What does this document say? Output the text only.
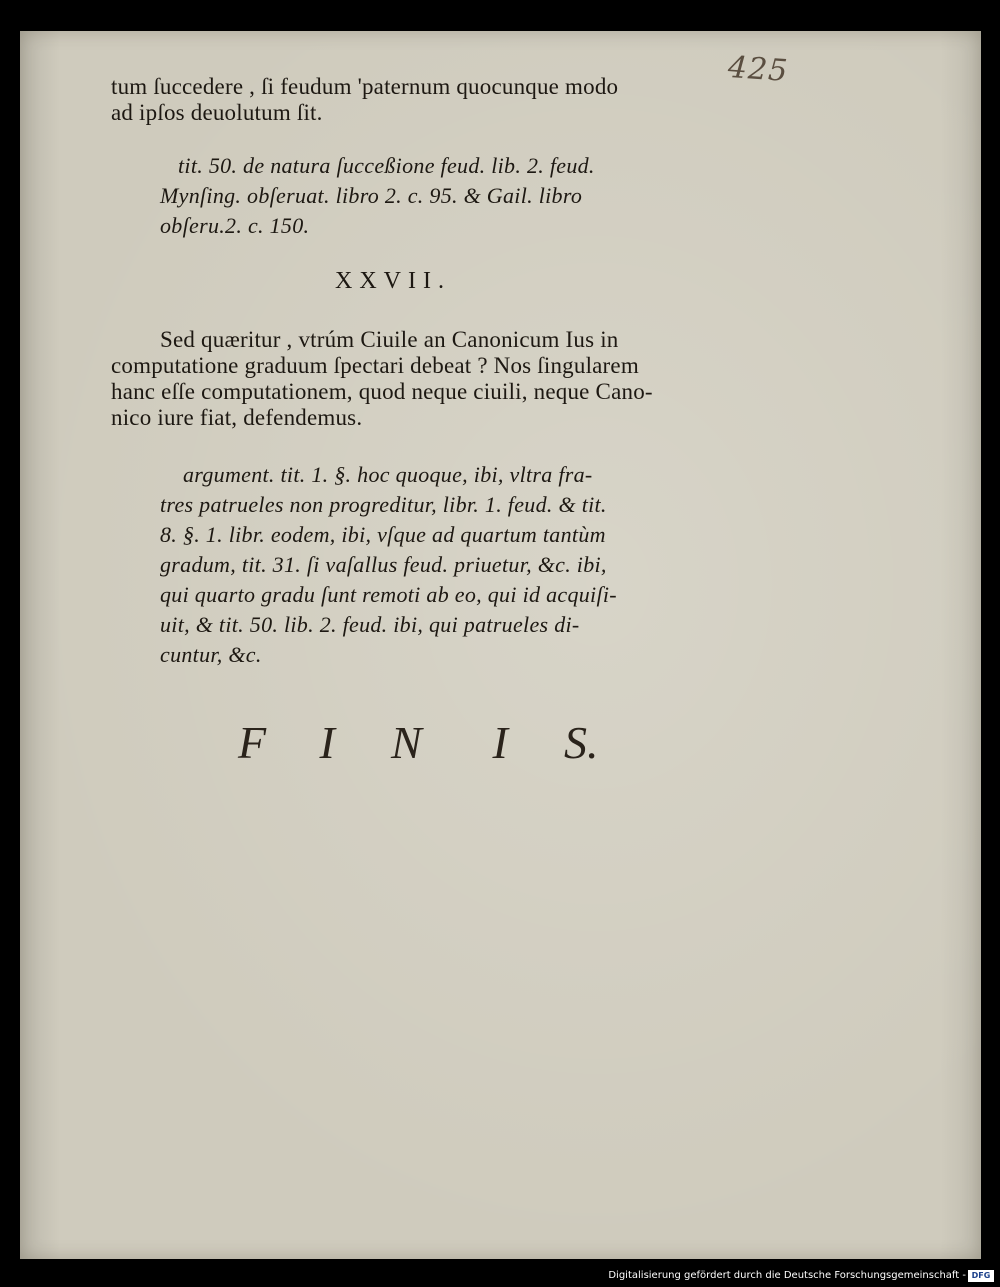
425
tum ſuccedere , ſi feudum 'paternum quocunque modo
ad ipſos deuolutum ſit.
tit. 50. de natura ſucceßione feud. lib. 2. feud.
Mynſing. obſeruat. libro 2. c. 95. & Gail. libro
obſeru.2. c. 150.
XXVII.
Sed quæritur , vtrúm Ciuile an Canonicum Ius in
computatione graduum ſpectari debeat ? Nos ſingularem
hanc eſſe computationem, quod neque ciuili, neque Cano-
nico iure fiat, defendemus.
argument. tit. 1. §. hoc quoque, ibi, vltra fra-
tres patrueles non progreditur, libr. 1. feud. & tit.
8. §. 1. libr. eodem, ibi, vſque ad quartum tantùm
gradum, tit. 31. ſi vaſallus feud. priuetur, &c. ibi,
qui quarto gradu ſunt remoti ab eo, qui id acquiſi-
uit, & tit. 50. lib. 2. feud. ibi, qui patrueles di-
cuntur, &c.
F I N I S.
Digitalisierung gefördert durch die Deutsche Forschungsgemeinschaft - DFG
